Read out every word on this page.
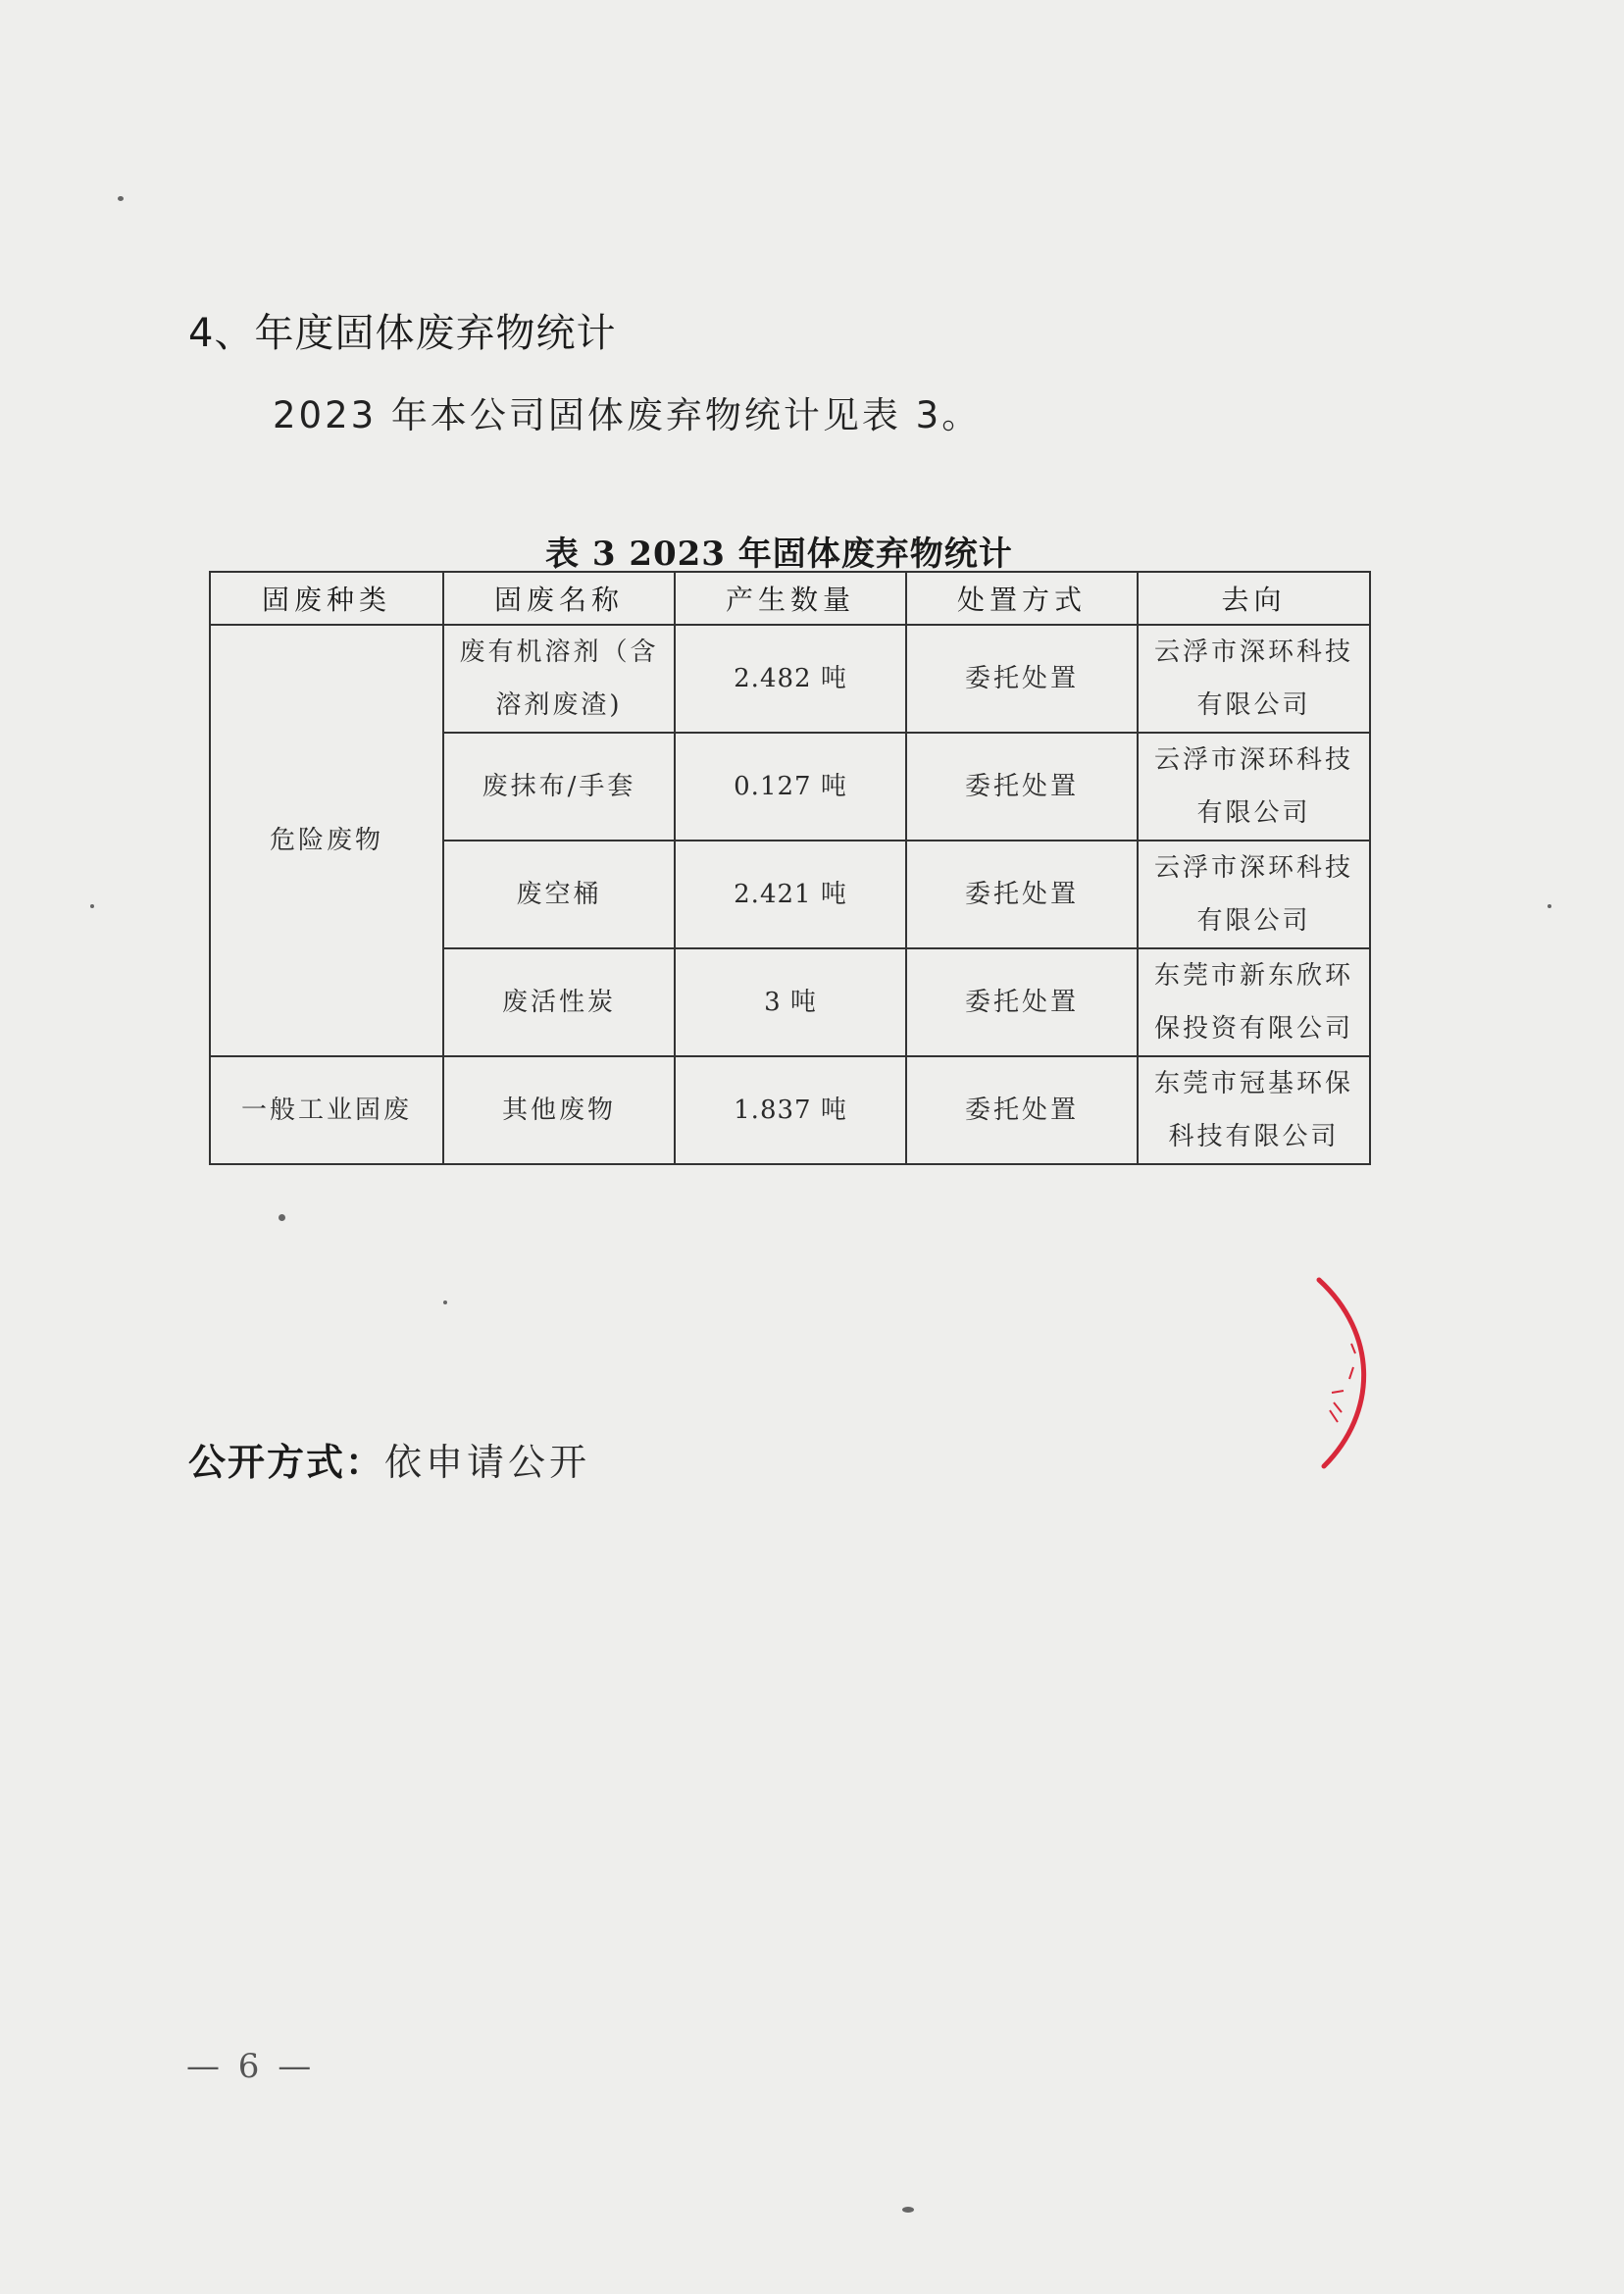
4、年度固体废弃物统计
2023 年本公司固体废弃物统计见表 3。
表 3 2023 年固体废弃物统计
固废种类	固废名称	产生数量	处置方式	去向
危险废物	废有机溶剂（含溶剂废渣)	2.482 吨	委托处置	云浮市深环科技有限公司
	废抹布/手套	0.127 吨	委托处置	云浮市深环科技有限公司
	废空桶	2.421 吨	委托处置	云浮市深环科技有限公司
	废活性炭	3 吨	委托处置	东莞市新东欣环保投资有限公司
一般工业固废	其他废物	1.837 吨	委托处置	东莞市冠基环保科技有限公司
公开方式：依申请公开
— 6 —
